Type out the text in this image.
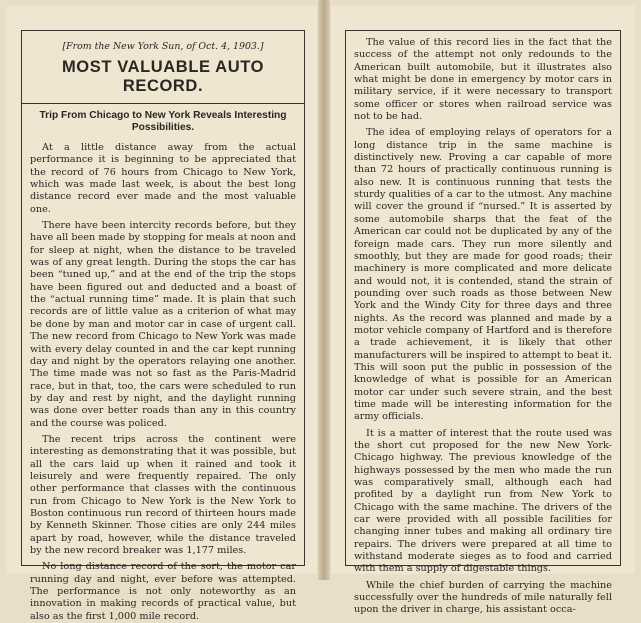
[From the New York Sun, of Oct. 4, 1903.]
MOST VALUABLE AUTO RECORD.
Trip From Chicago to New York Reveals Interesting Possibilities.

At a little distance away from the actual performance it is beginning to be appreciated that the record of 76 hours from Chicago to New York, which was made last week, is about the best long distance record ever made and the most valuable one.

There have been intercity records before, but they have all been made by stopping for meals at noon and for sleep at night, when the distance to be traveled was of any great length. During the stops the car has been “tuned up,” and at the end of the trip the stops have been figured out and deducted and a boast of the “actual running time” made. It is plain that such records are of little value as a criterion of what may be done by man and motor car in case of urgent call. The new record from Chicago to New York was made with every delay counted in and the car kept running day and night by the operators relaying one another. The time made was not so fast as the Paris-Madrid race, but in that, too, the cars were scheduled to run by day and rest by night, and the daylight running was done over better roads than any in this country and the course was policed.

The recent trips across the continent were interesting as demonstrating that it was possible, but all the cars laid up when it rained and took it leisurely and were frequently repaired. The only other performance that classes with the continuous run from Chicago to New York is the New York to Boston continuous run record of thirteen hours made by Kenneth Skinner. Those cities are only 244 miles apart by road, however, while the distance traveled by the new record breaker was 1,177 miles.

No long distance record of the sort, the motor car running day and night, ever before was attempted. The performance is not only noteworthy as an innovation in making records of practical value, but also as the first 1,000 mile record.

The value of this record lies in the fact that the success of the attempt not only redounds to the American built automobile, but it illustrates also what might be done in emergency by motor cars in military service, if it were necessary to transport some officer or stores when railroad service was not to be had.

The idea of employing relays of operators for a long distance trip in the same machine is distinctively new. Proving a car capable of more than 72 hours of practically continuous running is also new. It is continuous running that tests the sturdy qualities of a car to the utmost. Any machine will cover the ground if “nursed.” It is asserted by some automobile sharps that the feat of the American car could not be duplicated by any of the foreign made cars. They run more silently and smoothly, but they are made for good roads; their machinery is more complicated and more delicate and would not, it is contended, stand the strain of pounding over such roads as those between New York and the Windy City for three days and three nights. As the record was planned and made by a motor vehicle company of Hartford and is therefore a trade achievement, it is likely that other manufacturers will be inspired to attempt to beat it. This will soon put the public in possession of the knowledge of what is possible for an American motor car under such severe strain, and the best time made will be interesting information for the army officials.

It is a matter of interest that the route used was the short cut proposed for the new New York-Chicago highway. The previous knowledge of the highways possessed by the men who made the run was comparatively small, although each had profited by a daylight run from New York to Chicago with the same machine. The drivers of the car were provided with all possible facilities for changing inner tubes and making all ordinary tire repairs. The drivers were prepared at all time to withstand moderate sieges as to food and carried with them a supply of digestable things.

While the chief burden of carrying the machine successfully over the hundreds of mile naturally fell upon the driver in charge, his assistant occa-
